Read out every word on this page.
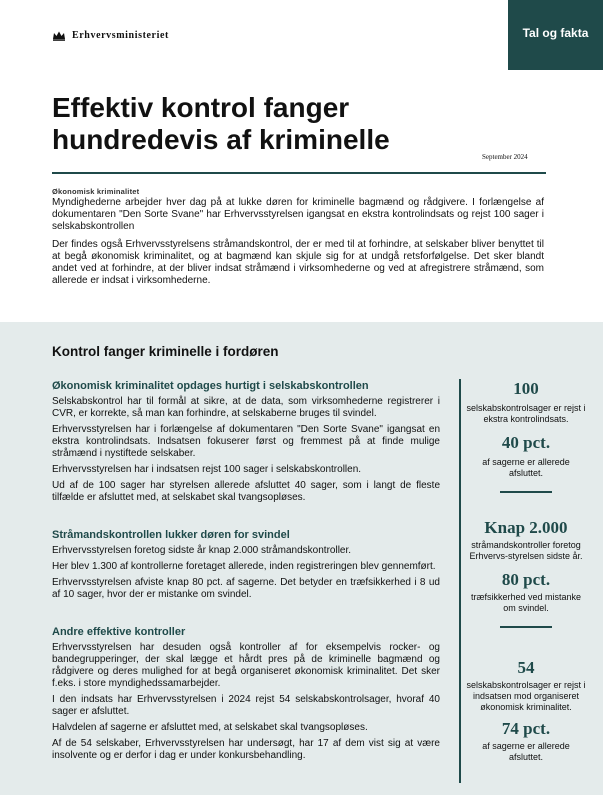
Tal og fakta
Erhvervsministeriet
Effektiv kontrol fanger hundredevis af kriminelle
September 2024
Økonomisk kriminalitet

Myndighederne arbejder hver dag på at lukke døren for kriminelle bagmænd og rådgivere. I forlængelse af dokumentaren "Den Sorte Svane" har Erhvervsstyrelsen igangsat en ekstra kontrolindsats og rejst 100 sager i selskabskontrollen

Der findes også Erhvervsstyrelsens stråmandskontrol, der er med til at forhindre, at selskaber bliver benyttet til at begå økonomisk kriminalitet, og at bagmænd kan skjule sig for at undgå retsforfølgelse. Det sker blandt andet ved at forhindre, at der bliver indsat stråmænd i virksomhederne og ved at afregistrere stråmænd, som allerede er indsat i virksomhederne.

Kontrol fanger kriminelle i fordøren
Økonomisk kriminalitet opdages hurtigt i selskabskontrollen

Selskabskontrol har til formål at sikre, at de data, som virksomhederne registrerer i CVR, er korrekte, så man kan forhindre, at selskaberne bruges til svindel.

Erhvervsstyrelsen har i forlængelse af dokumentaren "Den Sorte Svane" igangsat en ekstra kontrolindsats. Indsatsen fokuserer først og fremmest på at finde mulige stråmænd i nystiftede selskaber.

Erhvervsstyrelsen har i indsatsen rejst 100 sager i selskabskontrollen.

Ud af de 100 sager har styrelsen allerede afsluttet 40 sager, som i langt de fleste tilfælde er afsluttet med, at selskabet skal tvangsopløses.

Stråmandskontrollen lukker døren for svindel

Erhvervsstyrelsen foretog sidste år knap 2.000 stråmandskontroller.

Her blev 1.300 af kontrollerne foretaget allerede, inden registreringen blev gennemført.

Erhvervsstyrelsen afviste knap 80 pct. af sagerne. Det betyder en træfsikkerhed i 8 ud af 10 sager, hvor der er mistanke om svindel.

Andre effektive kontroller

Erhvervsstyrelsen har desuden også kontroller af for eksempelvis rocker- og bandegrupperinger, der skal lægge et hårdt pres på de kriminelle bagmænd og rådgivere og deres mulighed for at begå organiseret økonomisk kriminalitet. Det sker f.eks. i store myndighedssamarbejder.

I den indsats har Erhvervsstyrelsen i 2024 rejst 54 selskabskontrolsager, hvoraf 40 sager er afsluttet.

Halvdelen af sagerne er afsluttet med, at selskabet skal tvangsopløses.

Af de 54 selskaber, Erhvervsstyrelsen har undersøgt, har 17 af dem vist sig at være insolvente og er derfor i dag er under konkursbehandling.

100
selskabskontrolsager er rejst i ekstra kontrolindsats.
40 pct.
af sagerne er allerede afsluttet.
Knap 2.000
stråmandskontroller foretog Erhvervs-styrelsen sidste år.
80 pct.
træfsikkerhed ved mistanke om svindel.
54
selskabskontrolsager er rejst i indsatsen mod organiseret økonomisk kriminalitet.
74 pct.
af sagerne er allerede afsluttet.
